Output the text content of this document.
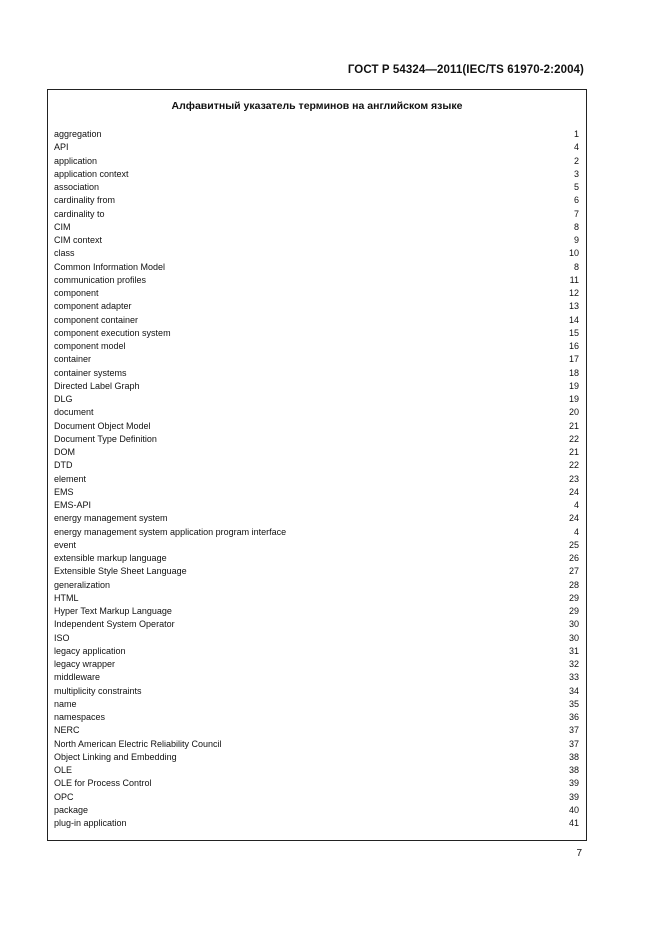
ГОСТ Р 54324—2011(IEC/TS 61970-2:2004)
Алфавитный указатель терминов на английском языке
aggregation	1
API	4
application	2
application context	3
association	5
cardinality from	6
cardinality to	7
CIM	8
CIM context	9
class	10
Common Information Model	8
communication profiles	11
component	12
component adapter	13
component container	14
component execution system	15
component model	16
container	17
container systems	18
Directed Label Graph	19
DLG	19
document	20
Document Object Model	21
Document Type Definition	22
DOM	21
DTD	22
element	23
EMS	24
EMS-API	4
energy management system	24
energy management system application program interface	4
event	25
extensible markup language	26
Extensible Style Sheet Language	27
generalization	28
HTML	29
Hyper Text Markup Language	29
Independent System Operator	30
ISO	30
legacy application	31
legacy wrapper	32
middleware	33
multiplicity constraints	34
name	35
namespaces	36
NERC	37
North American Electric Reliability Council	37
Object Linking and Embedding	38
OLE	38
OLE for Process Control	39
OPC	39
package	40
plug-in application	41
7
